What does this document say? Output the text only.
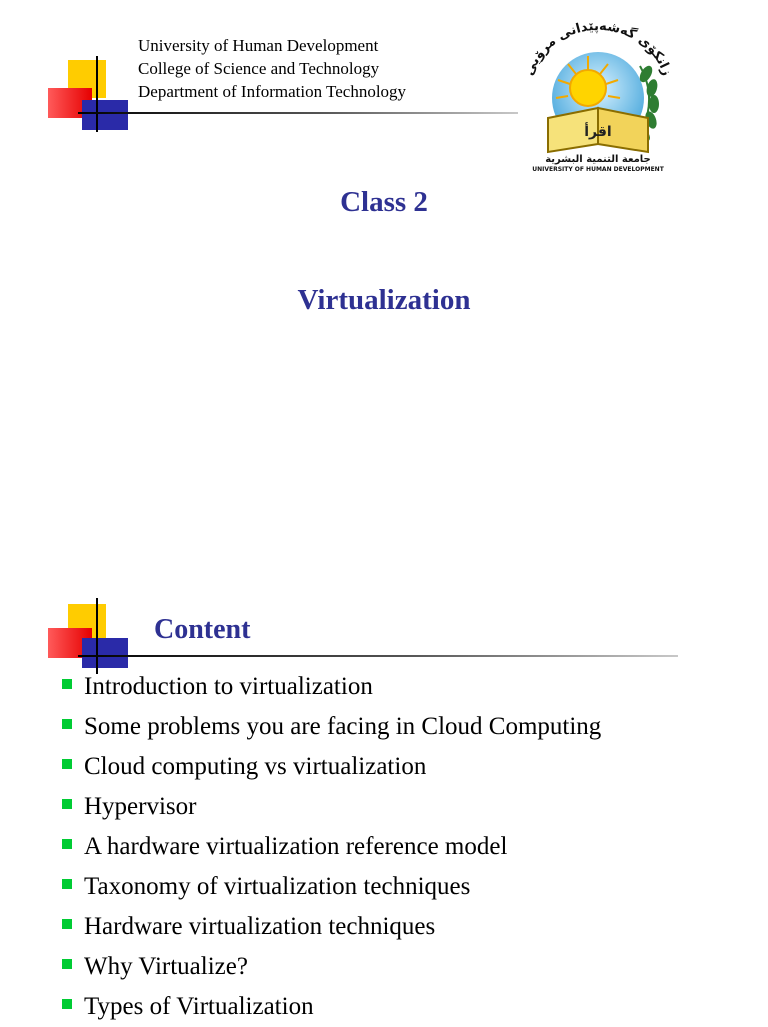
University of Human Development
College of Science and Technology
Department of Information Technology
زانكۆی گەشەپێدانی مرۆیی
اقرأ
جامعة التنمية البشرية
UNIVERSITY OF HUMAN DEVELOPMENT
Class 2
Virtualization
Content
Introduction to virtualization
Some problems you are facing in Cloud Computing
Cloud computing vs virtualization
Hypervisor
A hardware virtualization reference model
Taxonomy of virtualization techniques
Hardware virtualization techniques
Why Virtualize?
Types of Virtualization
